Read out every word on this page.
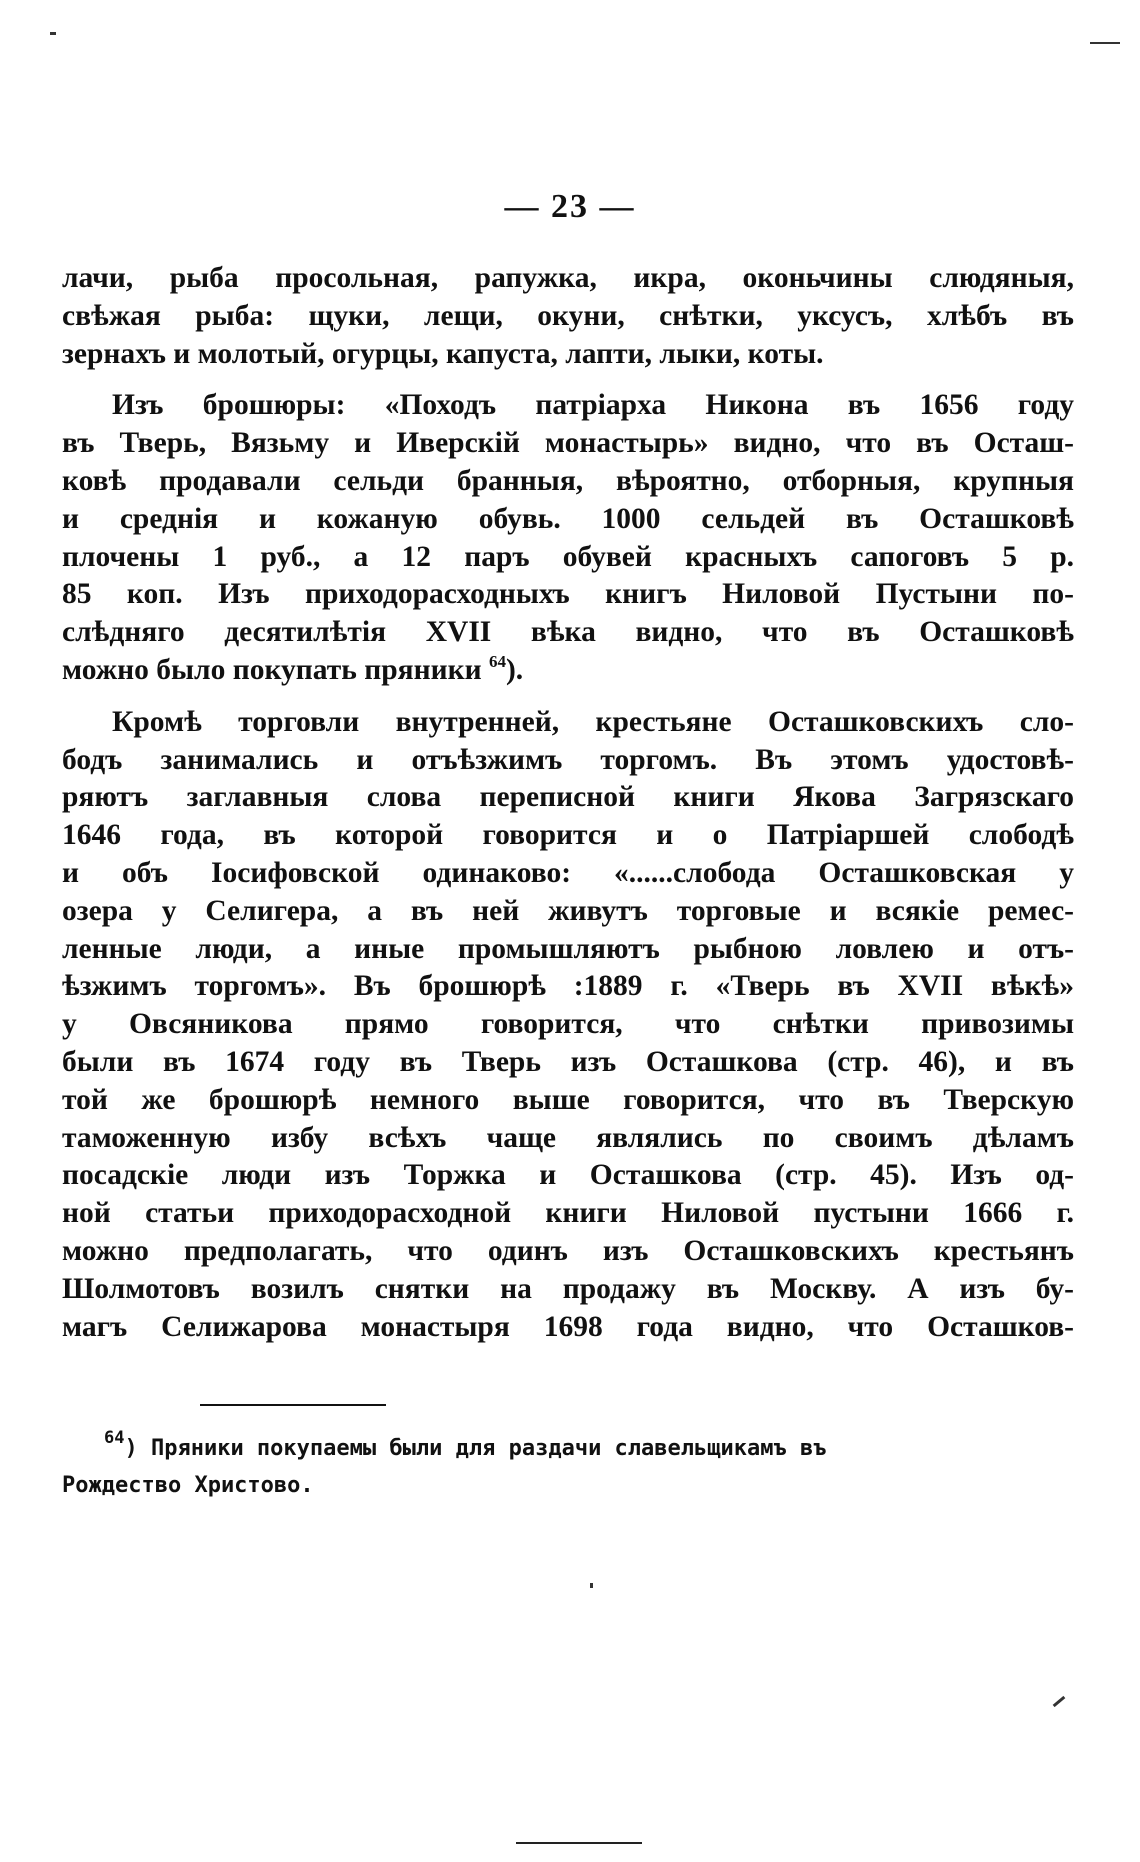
— 23 —

лачи, рыба просольная, рапужка, икра, оконьчины слюдяныя,
свѣжая рыба: щуки, лещи, окуни, снѣтки, уксусъ, хлѣбъ въ
зернахъ и молотый, огурцы, капуста, лапти, лыки, коты.

Изъ брошюры: «Походъ патріарха Никона въ 1656 году
въ Тверь, Вязьму и Иверскій монастырь» видно, что въ Осташ-
ковѣ продавали сельди бранныя, вѣроятно, отборныя, крупныя
и среднія и кожаную обувь. 1000 сельдей въ Осташковѣ
плочены 1 руб., а 12 паръ обувей красныхъ сапоговъ 5 р.
85 коп. Изъ приходорасходныхъ книгъ Ниловой Пустыни по-
слѣдняго десятилѣтія XVII вѣка видно, что въ Осташковѣ
можно было покупать пряники $^{64}$).

Кромѣ торговли внутренней, крестьяне Осташковскихъ сло-
бодъ занимались и отъѣзжимъ торгомъ. Въ этомъ удостовѣ-
ряютъ заглавныя слова переписной книги Якова Загрязскаго
1646 года, въ которой говорится и о Патріаршей слободѣ
и объ Іосифовской одинаково: «......слобода Осташковская у
озера у Селигера, а въ ней живутъ торговые и всякіе ремес-
ленные люди, а иные промышляютъ рыбною ловлею и отъ-
ѣзжимъ торгомъ». Въ брошюрѣ :1889 г. «Тверь въ XVII вѣкѣ»
у Овсяникова прямо говорится, что снѣтки привозимы
были въ 1674 году въ Тверь изъ Осташкова (стр. 46), и въ
той же брошюрѣ немного выше говорится, что въ Тверскую
таможенную избу всѣхъ чаще являлись по своимъ дѣламъ
посадскіе люди изъ Торжка и Осташкова (стр. 45). Изъ од-
ной статьи приходорасходной книги Ниловой пустыни 1666 г.
можно предполагать, что одинъ изъ Осташковскихъ крестьянъ
Шолмотовъ возилъ снятки на продажу въ Москву. А изъ бу-
магъ Селижарова монастыря 1698 года видно, что Осташков-

$^{64}$) Пряники покупаемы были для раздачи славельщикамъ въ
Рождество Христово.
